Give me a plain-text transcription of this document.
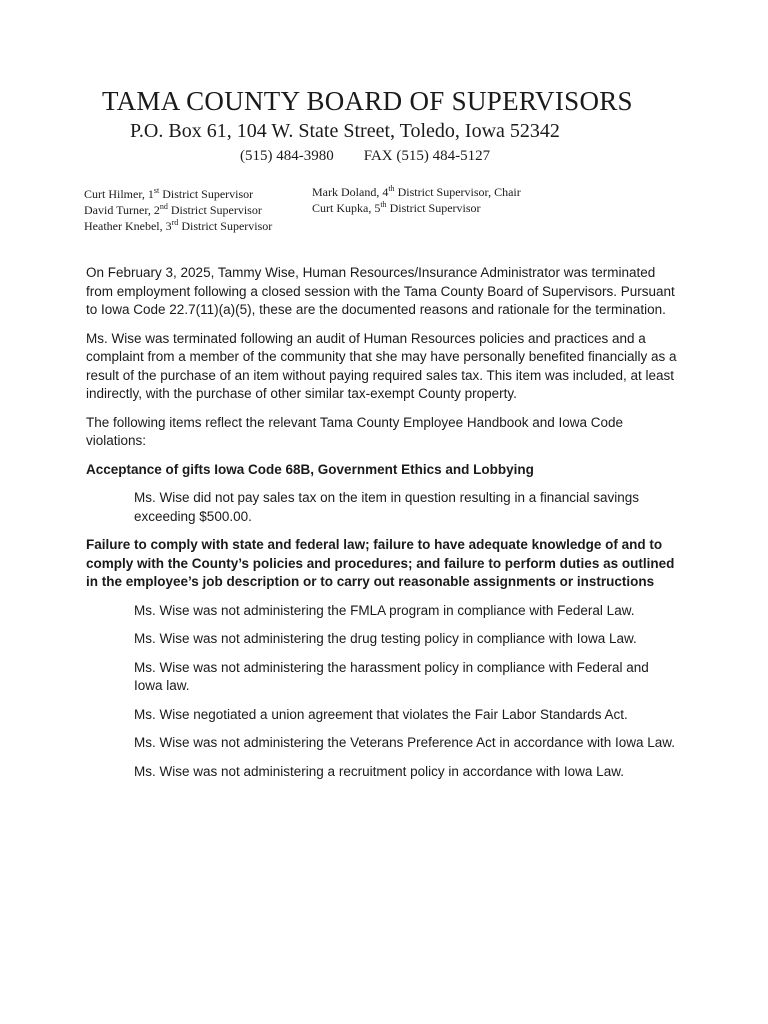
TAMA COUNTY BOARD OF SUPERVISORS
P.O. Box 61, 104 W. State Street, Toledo, Iowa 52342
(515) 484-3980 FAX (515) 484-5127
Curt Hilmer, 1st District Supervisor
David Turner, 2nd District Supervisor
Heather Knebel, 3rd District Supervisor
Mark Doland, 4th District Supervisor, Chair
Curt Kupka, 5th District Supervisor

On February 3, 2025, Tammy Wise, Human Resources/Insurance Administrator was terminated from employment following a closed session with the Tama County Board of Supervisors. Pursuant to Iowa Code 22.7(11)(a)(5), these are the documented reasons and rationale for the termination.

Ms. Wise was terminated following an audit of Human Resources policies and practices and a complaint from a member of the community that she may have personally benefited financially as a result of the purchase of an item without paying required sales tax. This item was included, at least indirectly, with the purchase of other similar tax-exempt County property.

The following items reflect the relevant Tama County Employee Handbook and Iowa Code violations:

Acceptance of gifts Iowa Code 68B, Government Ethics and Lobbying
Ms. Wise did not pay sales tax on the item in question resulting in a financial savings exceeding $500.00.
Failure to comply with state and federal law; failure to have adequate knowledge of and to comply with the County’s policies and procedures; and failure to perform duties as outlined in the employee’s job description or to carry out reasonable assignments or instructions
Ms. Wise was not administering the FMLA program in compliance with Federal Law.
Ms. Wise was not administering the drug testing policy in compliance with Iowa Law.
Ms. Wise was not administering the harassment policy in compliance with Federal and Iowa law.
Ms. Wise negotiated a union agreement that violates the Fair Labor Standards Act.
Ms. Wise was not administering the Veterans Preference Act in accordance with Iowa Law.
Ms. Wise was not administering a recruitment policy in accordance with Iowa Law.
